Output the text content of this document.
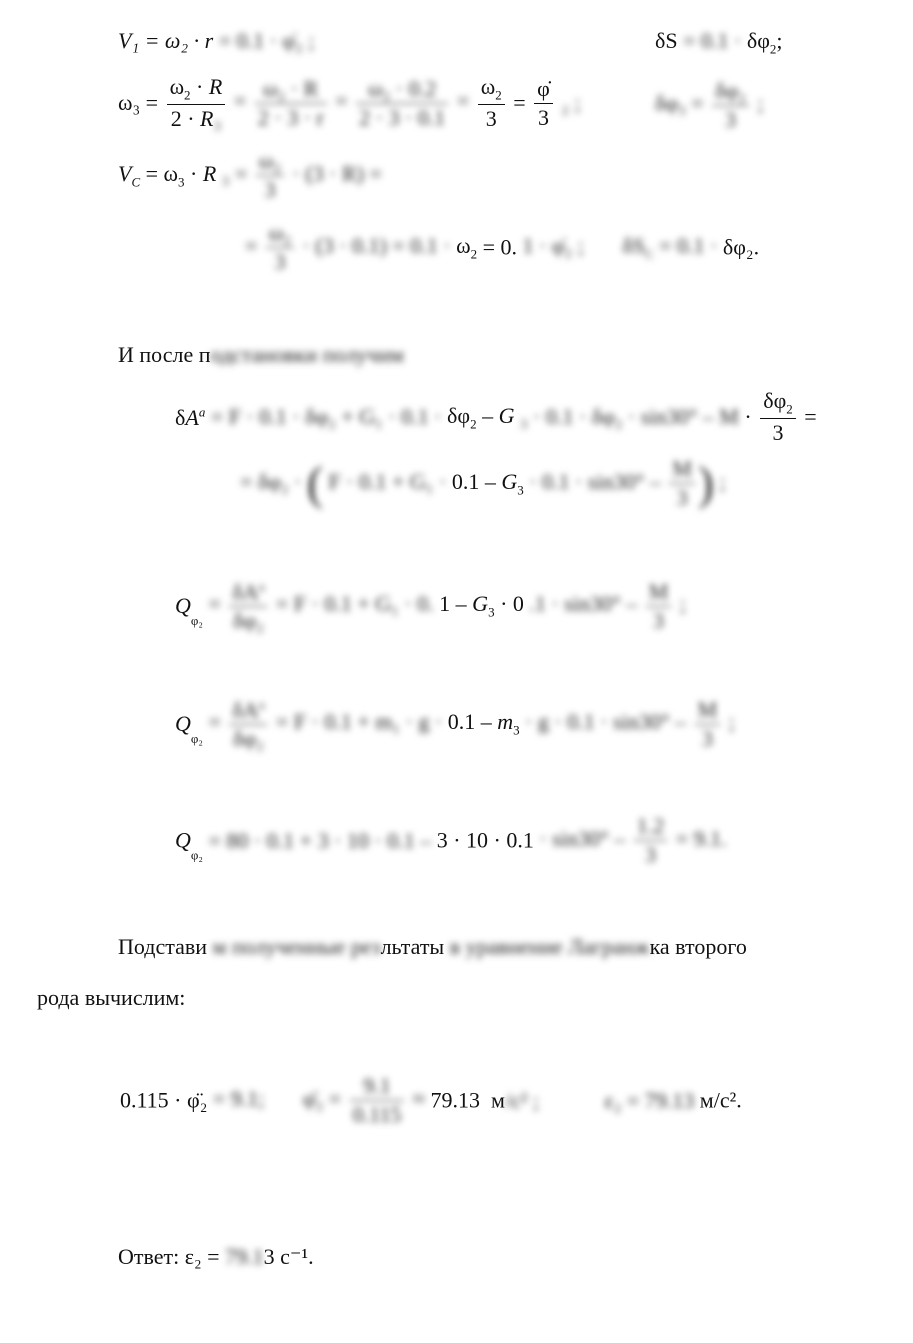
V₁ = ω₂ · r = 0.1 · φ̇₂ ;	$\delta S = 0.1 \cdot \delta\varphi_2$;
$\omega_3 = \frac{\omega_2 \cdot R}{\text{2 · R₃}} = \frac{\text{ω₂ · R}}{2 \cdot 3 \cdot r} = \frac{\text{ω₂ · 0.2}}{2 \cdot 3 \cdot 0.1} = \frac{\omega_2}{3} = \frac{\varphi̇}{3} _2$ ;	$\delta\varphi_3 = \frac{\text{δφ₂}}{3}$ ;
$V_C = \omega_3 \cdot R$ $_3 = \frac{\text{ω₂}}{3} \cdot (3 \cdot R)$ =
= $\frac{\text{ω₂}}{3} \cdot (3 \cdot 0.1) = 0.1 \cdot \omega_2 = 0$. 1 · φ̇₂ ;       $\delta S_C = 0.1 \cdot \delta\varphi_2$.
И после подстановки получим
$\delta A^a = F \cdot 0.1 \cdot \delta\varphi_2 + G_1 \cdot 0.1 \cdot \delta\varphi_2 - G$ $_3 \cdot 0.1 \cdot \delta\varphi_2 \cdot \sin 30^\circ - M \cdot \frac{\delta\varphi_2}{3}$ =
= δφ₂ · ( $F \cdot 0.1 + G_1 \cdot 0.1 - G_3 \cdot 0.1 \cdot \sin 30^\circ - \frac{M}{3}$ ) ;
$Q_{\varphi_2} = \delta A^a$
δφ₂
= F · 0.1 + G₁ · 0. $1 - G_3 \cdot 0$ $.1 \cdot \sin 30^\circ - \frac{M}{3}$ ;
$Q_{\varphi_2} = \delta A^a$
δφ₂
= $F \cdot 0.1 + m_1 \cdot g \cdot 0.1 - m_3 \cdot g \cdot 0.1 \cdot \sin 30^\circ - \frac{M}{3}$ ;
$Q_{\varphi_2} = 80 \cdot 0.1 + 3 \cdot 10 \cdot 0.1 - 3 \cdot 10 \cdot 0.1 \cdot \sin 30^\circ - \frac{1.2}{3} = 9.1$.
Подстави м полученные резльтаты в уравнение Лагранжка второго
рода вычислим:
0.115 · φ̈₂ = 9.1;       φ̈₂ = $\frac{9.1}{0.115} \approx 79.13$  м/с² ;	ε₂ = 79.13 м/с².
Ответ: ε₂ = 79.13 с⁻¹.
